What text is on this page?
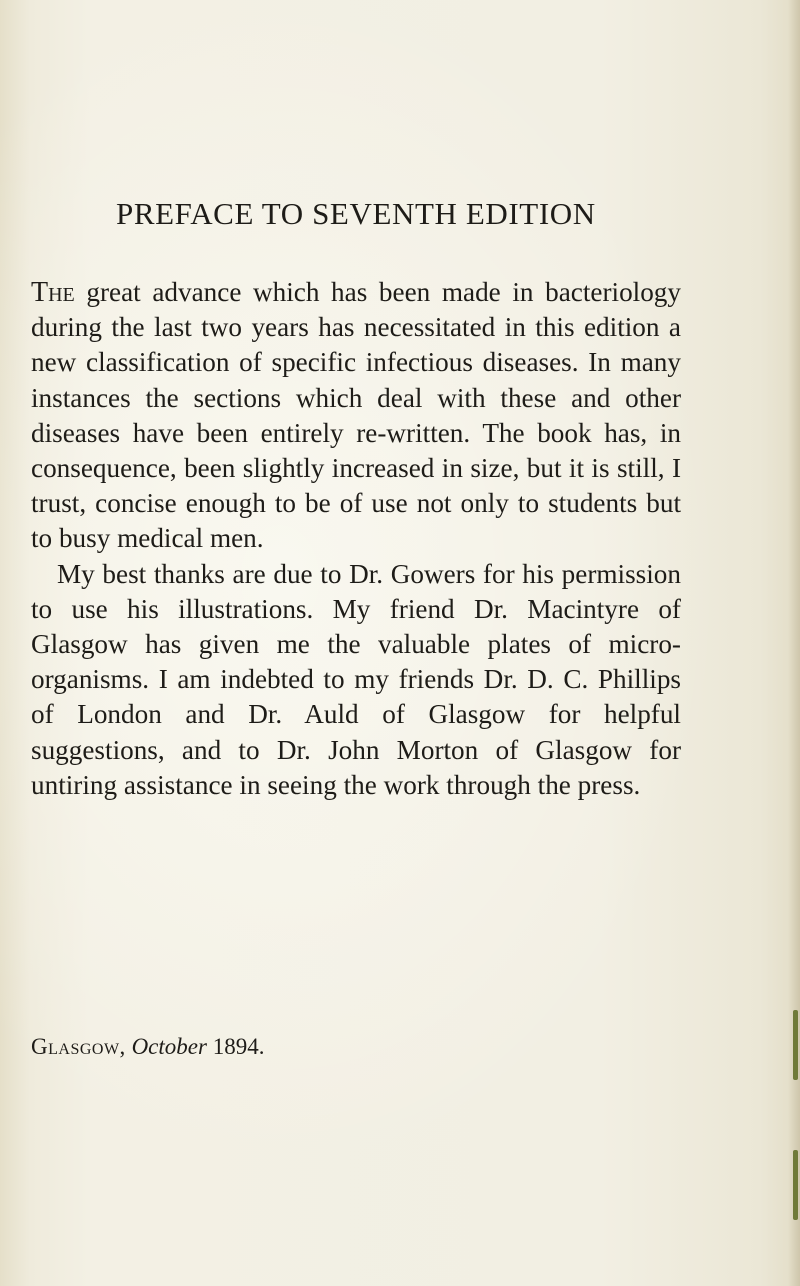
PREFACE TO SEVENTH EDITION

The great advance which has been made in bacteriology during the last two years has necessitated in this edition a new classification of specific infectious diseases. In many instances the sections which deal with these and other diseases have been entirely re-written. The book has, in consequence, been slightly increased in size, but it is still, I trust, concise enough to be of use not only to students but to busy medical men.

My best thanks are due to Dr. Gowers for his permission to use his illustrations. My friend Dr. Macintyre of Glasgow has given me the valuable plates of micro-organisms. I am indebted to my friends Dr. D. C. Phillips of London and Dr. Auld of Glasgow for helpful suggestions, and to Dr. John Morton of Glasgow for untiring assistance in seeing the work through the press.

Glasgow, October 1894.
